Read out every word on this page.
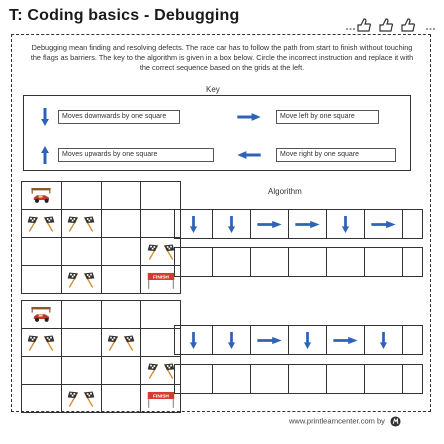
T: Coding basics - Debugging
Debugging mean finding and resolving defects. The race car has to follow the path from start to finish without touching the flags as barriers. The key to the algorithm is given in a box below. Circle the incorrect instruction and replace it with the correct sequence based on the grids at the left.
Key
Moves downwards by one square	Move left by one square
Moves upwards by one square	Move right by one square
Algorithm

FINISH

FINISH
www.printlearncenter.com by
